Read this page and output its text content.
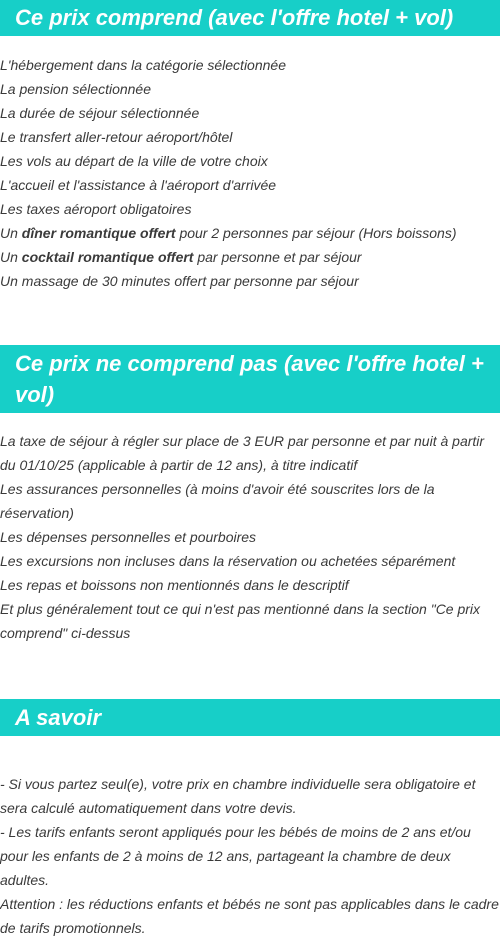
Ce prix comprend (avec l'offre hotel + vol)
L'hébergement dans la catégorie sélectionnée
La pension sélectionnée
La durée de séjour sélectionnée
Le transfert aller-retour aéroport/hôtel
Les vols au départ de la ville de votre choix
L'accueil et l'assistance à l'aéroport d'arrivée
Les taxes aéroport obligatoires
Un dîner romantique offert pour 2 personnes par séjour (Hors boissons)
Un cocktail romantique offert par personne et par séjour
Un massage de 30 minutes offert par personne par séjour
Ce prix ne comprend pas (avec l'offre hotel + vol)
La taxe de séjour à régler sur place de 3 EUR par personne et par nuit à partir du 01/10/25 (applicable à partir de 12 ans), à titre indicatif
Les assurances personnelles (à moins d'avoir été souscrites lors de la réservation)
Les dépenses personnelles et pourboires
Les excursions non incluses dans la réservation ou achetées séparément
Les repas et boissons non mentionnés dans le descriptif
Et plus généralement tout ce qui n'est pas mentionné dans la section "Ce prix comprend" ci-dessus
A savoir
- Si vous partez seul(e), votre prix en chambre individuelle sera obligatoire et sera calculé automatiquement dans votre devis.
- Les tarifs enfants seront appliqués pour les bébés de moins de 2 ans et/ou pour les enfants de 2 à moins de 12 ans, partageant la chambre de deux adultes.
Attention : les réductions enfants et bébés ne sont pas applicables dans le cadre de tarifs promotionnels.
